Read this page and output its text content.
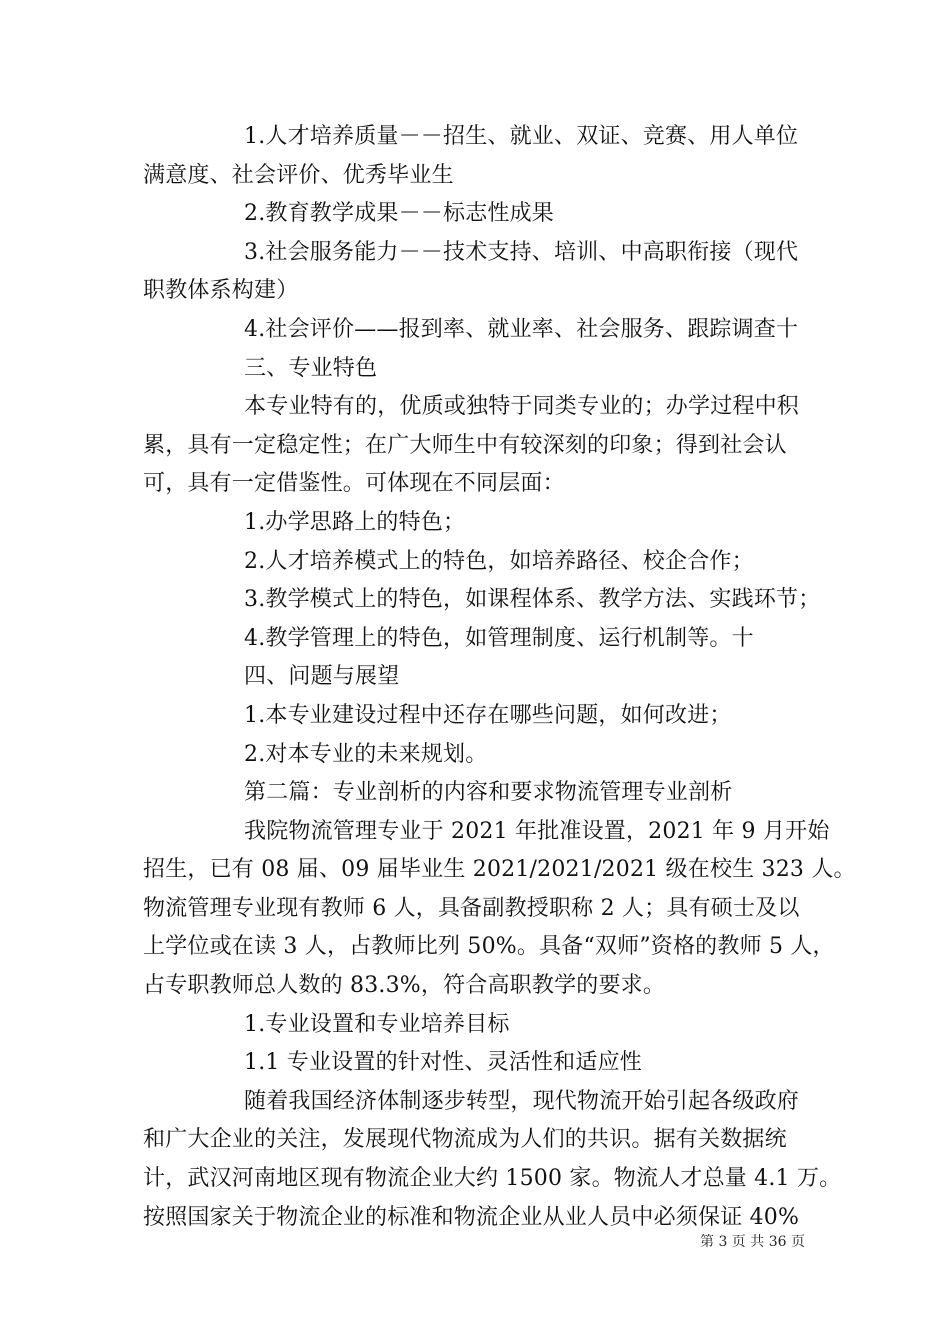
1.人才培养质量－－招生、就业、双证、竞赛、用人单位
满意度、社会评价、优秀毕业生
2.教育教学成果－－标志性成果
3.社会服务能力－－技术支持、培训、中高职衔接（现代
职教体系构建）
4.社会评价——报到率、就业率、社会服务、跟踪调查十
三、专业特色
本专业特有的，优质或独特于同类专业的；办学过程中积
累，具有一定稳定性；在广大师生中有较深刻的印象；得到社会认
可，具有一定借鉴性。可体现在不同层面：
1.办学思路上的特色；
2.人才培养模式上的特色，如培养路径、校企合作；
3.教学模式上的特色，如课程体系、教学方法、实践环节；
4.教学管理上的特色，如管理制度、运行机制等。十
四、问题与展望
1.本专业建设过程中还存在哪些问题，如何改进；
2.对本专业的未来规划。
第二篇：专业剖析的内容和要求物流管理专业剖析
我院物流管理专业于 2021 年批准设置，2021 年 9 月开始
招生，已有 08 届、09 届毕业生 2021/2021/2021 级在校生 323 人。
物流管理专业现有教师 6 人，具备副教授职称 2 人；具有硕士及以
上学位或在读 3 人，占教师比列 50%。具备“双师”资格的教师 5 人，
占专职教师总人数的 83.3%，符合高职教学的要求。
1.专业设置和专业培养目标
1.1 专业设置的针对性、灵活性和适应性
随着我国经济体制逐步转型，现代物流开始引起各级政府
和广大企业的关注，发展现代物流成为人们的共识。据有关数据统
计，武汉河南地区现有物流企业大约 1500 家。物流人才总量 4.1 万。
按照国家关于物流企业的标准和物流企业从业人员中必须保证 40%
第 3 页 共 36 页
